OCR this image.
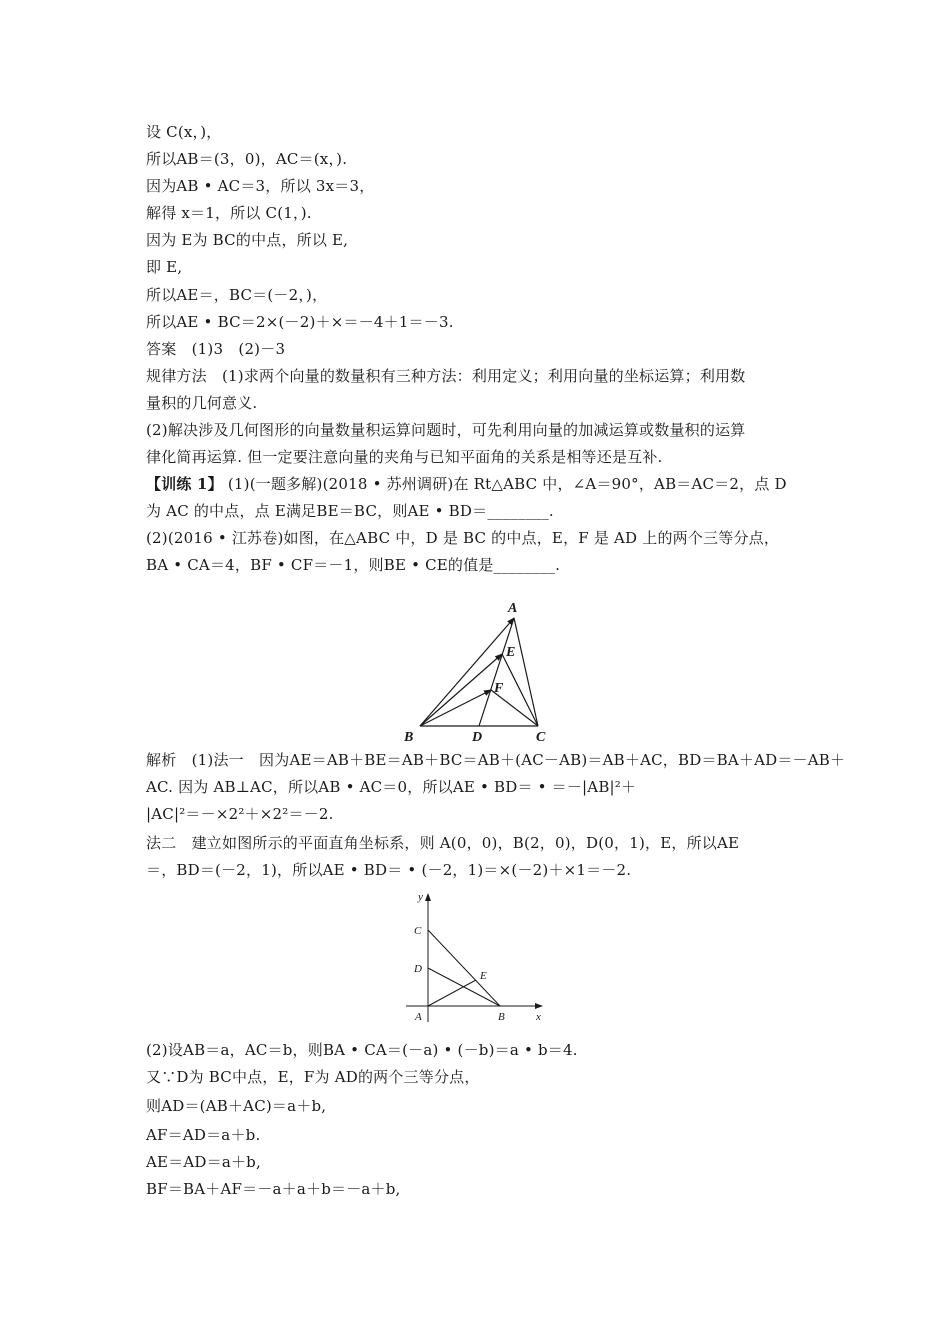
设 C(x，)，
所以AB＝(3，0)，AC＝(x，).
因为AB • AC＝3，所以 3x＝3，
解得 x＝1，所以 C(1，).
因为 E为 BC的中点，所以 E,
即 E,
所以AE＝，BC＝(－2，)，
所以AE • BC＝2×(－2)＋×＝－4＋1＝－3.
答案　(1)3　(2)－3
规律方法　(1)求两个向量的数量积有三种方法：利用定义；利用向量的坐标运算；利用数
量积的几何意义.
(2)解决涉及几何图形的向量数量积运算问题时，可先利用向量的加减运算或数量积的运算
律化简再运算. 但一定要注意向量的夹角与已知平面角的关系是相等还是互补.
【训练 1】 (1)(一题多解)(2018 • 苏州调研)在 Rt△ABC 中，∠A＝90°，AB＝AC＝2，点 D
为 AC 的中点，点 E满足BE＝BC，则AE • BD＝________.
(2)(2016 • 江苏卷)如图，在△ABC 中，D 是 BC 的中点，E，F 是 AD 上的两个三等分点，
BA • CA＝4，BF • CF＝－1，则BE • CE的值是________.
A
B	C
D
E
F
解析　(1)法一　因为AE＝AB＋BE＝AB＋BC＝AB＋(AC－AB)＝AB＋AC，BD＝BA＋AD＝－AB＋
AC. 因为 AB⊥AC，所以AB • AC＝0，所以AE • BD＝ • ＝－|AB|²＋
|AC|²＝－×2²＋×2²＝－2.
法二　建立如图所示的平面直角坐标系，则 A(0，0)，B(2，0)，D(0，1)，E，所以AE
＝，BD＝(－2，1)，所以AE • BD＝ • (－2，1)＝×(－2)＋×1＝－2.
y
x
A	B
C
D
E
(2)设AB＝a，AC＝b，则BA • CA＝(－a) • (－b)＝a • b＝4.
又∵D为 BC中点，E，F为 AD的两个三等分点，
则AD＝(AB＋AC)＝a＋b,
AF＝AD＝a＋b.
AE＝AD＝a＋b,
BF＝BA＋AF＝－a＋a＋b＝－a＋b,
